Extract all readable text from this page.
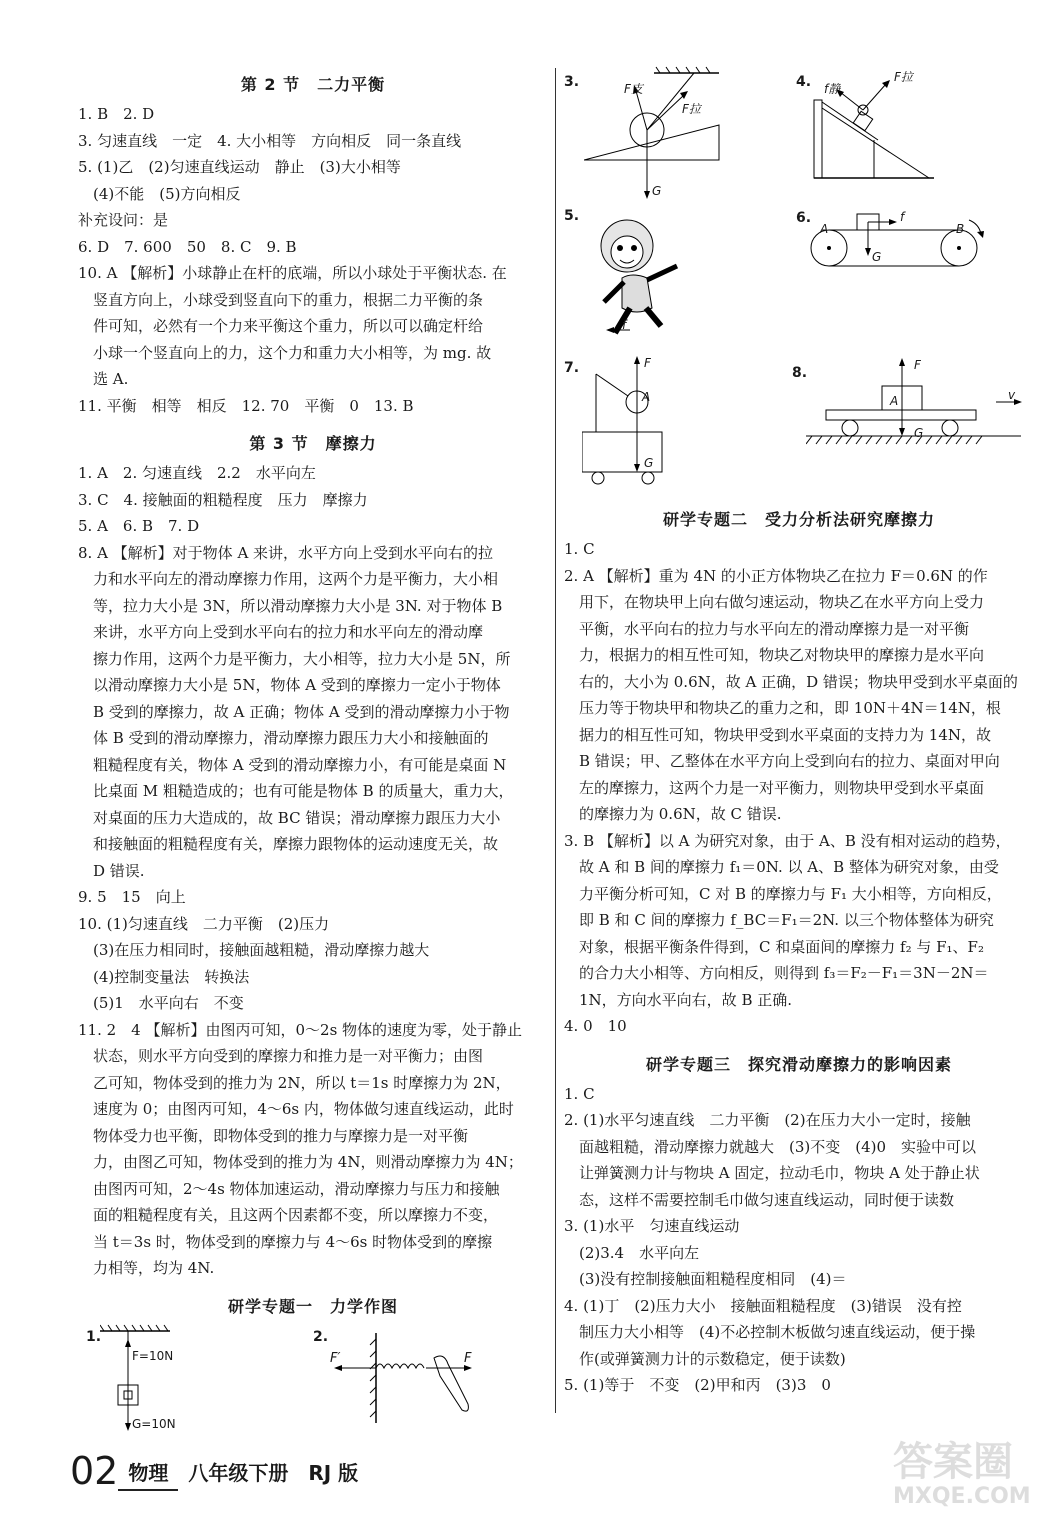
第 2 节　二力平衡

1. B　2. D

3. 匀速直线　一定　4. 大小相等　方向相反　同一条直线

5. (1)乙　(2)匀速直线运动　静止　(3)大小相等

　(4)不能　(5)方向相反

补充设问：是

6. D　7. 600　50　8. C　9. B

10. A 【解析】小球静止在杆的底端，所以小球处于平衡状态. 在

　竖直方向上，小球受到竖直向下的重力，根据二力平衡的条

　件可知，必然有一个力来平衡这个重力，所以可以确定杆给

　小球一个竖直向上的力，这个力和重力大小相等，为 mg. 故

　选 A.

11. 平衡　相等　相反　12. 70　平衡　0　13. B

第 3 节　摩擦力

1. A　2. 匀速直线　2.2　水平向左

3. C　4. 接触面的粗糙程度　压力　摩擦力

5. A　6. B　7. D

8. A 【解析】对于物体 A 来讲，水平方向上受到水平向右的拉

　力和水平向左的滑动摩擦力作用，这两个力是平衡力，大小相

　等，拉力大小是 3N，所以滑动摩擦力大小是 3N. 对于物体 B

　来讲，水平方向上受到水平向右的拉力和水平向左的滑动摩

　擦力作用，这两个力是平衡力，大小相等，拉力大小是 5N，所

　以滑动摩擦力大小是 5N，物体 A 受到的摩擦力一定小于物体

　B 受到的摩擦力，故 A 正确；物体 A 受到的滑动摩擦力小于物

　体 B 受到的滑动摩擦力，滑动摩擦力跟压力大小和接触面的

　粗糙程度有关，物体 A 受到的滑动摩擦力小，有可能是桌面 N

　比桌面 M 粗糙造成的；也有可能是物体 B 的质量大，重力大，

　对桌面的压力大造成的，故 BC 错误；滑动摩擦力跟压力大小

　和接触面的粗糙程度有关，摩擦力跟物体的运动速度无关，故

　D 错误.

9. 5　15　向上

10. (1)匀速直线　二力平衡　(2)压力

　(3)在压力相同时，接触面越粗糙，滑动摩擦力越大

　(4)控制变量法　转换法

　(5)1　水平向右　不变

11. 2　4 【解析】由图丙可知，0～2s 物体的速度为零，处于静止

　状态，则水平方向受到的摩擦力和推力是一对平衡力；由图

　乙可知，物体受到的推力为 2N，所以 t＝1s 时摩擦力为 2N，

　速度为 0；由图丙可知，4～6s 内，物体做匀速直线运动，此时

　物体受力也平衡，即物体受到的推力与摩擦力是一对平衡

　力，由图乙可知，物体受到的推力为 4N，则滑动摩擦力为 4N；

　由图丙可知，2～4s 物体加速运动，滑动摩擦力与压力和接触

　面的粗糙程度有关，且这两个因素都不变，所以摩擦力不变，

　当 t＝3s 时，物体受到的摩擦力与 4～6s 时物体受到的摩擦

　力相等，均为 4N.

研学专题一　力学作图
1.
F=10N
G=10N
2.
F′	F
3.	F支
F拉
G
4.	F拉
f静
5.
f
6.
A	B
f
G
7.	F
A
G
8.	F
A
G
v
研学专题二　受力分析法研究摩擦力

1. C

2. A 【解析】重为 4N 的小正方体物块乙在拉力 F＝0.6N 的作

　用下，在物块甲上向右做匀速运动，物块乙在水平方向上受力

　平衡，水平向右的拉力与水平向左的滑动摩擦力是一对平衡

　力，根据力的相互性可知，物块乙对物块甲的摩擦力是水平向

　右的，大小为 0.6N，故 A 正确，D 错误；物块甲受到水平桌面的

　压力等于物块甲和物块乙的重力之和，即 10N＋4N＝14N，根

　据力的相互性可知，物块甲受到水平桌面的支持力为 14N，故

　B 错误；甲、乙整体在水平方向上受到向右的拉力、桌面对甲向

　左的摩擦力，这两个力是一对平衡力，则物块甲受到水平桌面

　的摩擦力为 0.6N，故 C 错误.

3. B 【解析】以 A 为研究对象，由于 A、B 没有相对运动的趋势，

　故 A 和 B 间的摩擦力 f₁＝0N. 以 A、B 整体为研究对象，由受

　力平衡分析可知，C 对 B 的摩擦力与 F₁ 大小相等，方向相反，

　即 B 和 C 间的摩擦力 f_BC＝F₁＝2N. 以三个物体整体为研究

　对象，根据平衡条件得到，C 和桌面间的摩擦力 f₂ 与 F₁、F₂

　的合力大小相等、方向相反，则得到 f₃＝F₂－F₁＝3N－2N＝

　1N，方向水平向右，故 B 正确.

4. 0　10

研学专题三　探究滑动摩擦力的影响因素

1. C

2. (1)水平匀速直线　二力平衡　(2)在压力大小一定时，接触

　面越粗糙，滑动摩擦力就越大　(3)不变　(4)0　实验中可以

　让弹簧测力计与物块 A 固定，拉动毛巾，物块 A 处于静止状

　态，这样不需要控制毛巾做匀速直线运动，同时便于读数

3. (1)水平　匀速直线运动

　(2)3.4　水平向左

　(3)没有控制接触面粗糙程度相同　(4)＝

4. (1)丁　(2)压力大小　接触面粗糙程度　(3)错误　没有控

　制压力大小相等　(4)不必控制木板做匀速直线运动，便于操

　作(或弹簧测力计的示数稳定，便于读数)

5. (1)等于　不变　(2)甲和丙　(3)3　0

02 物理　八年级下册　RJ 版	答案圈
MXQE.COM
